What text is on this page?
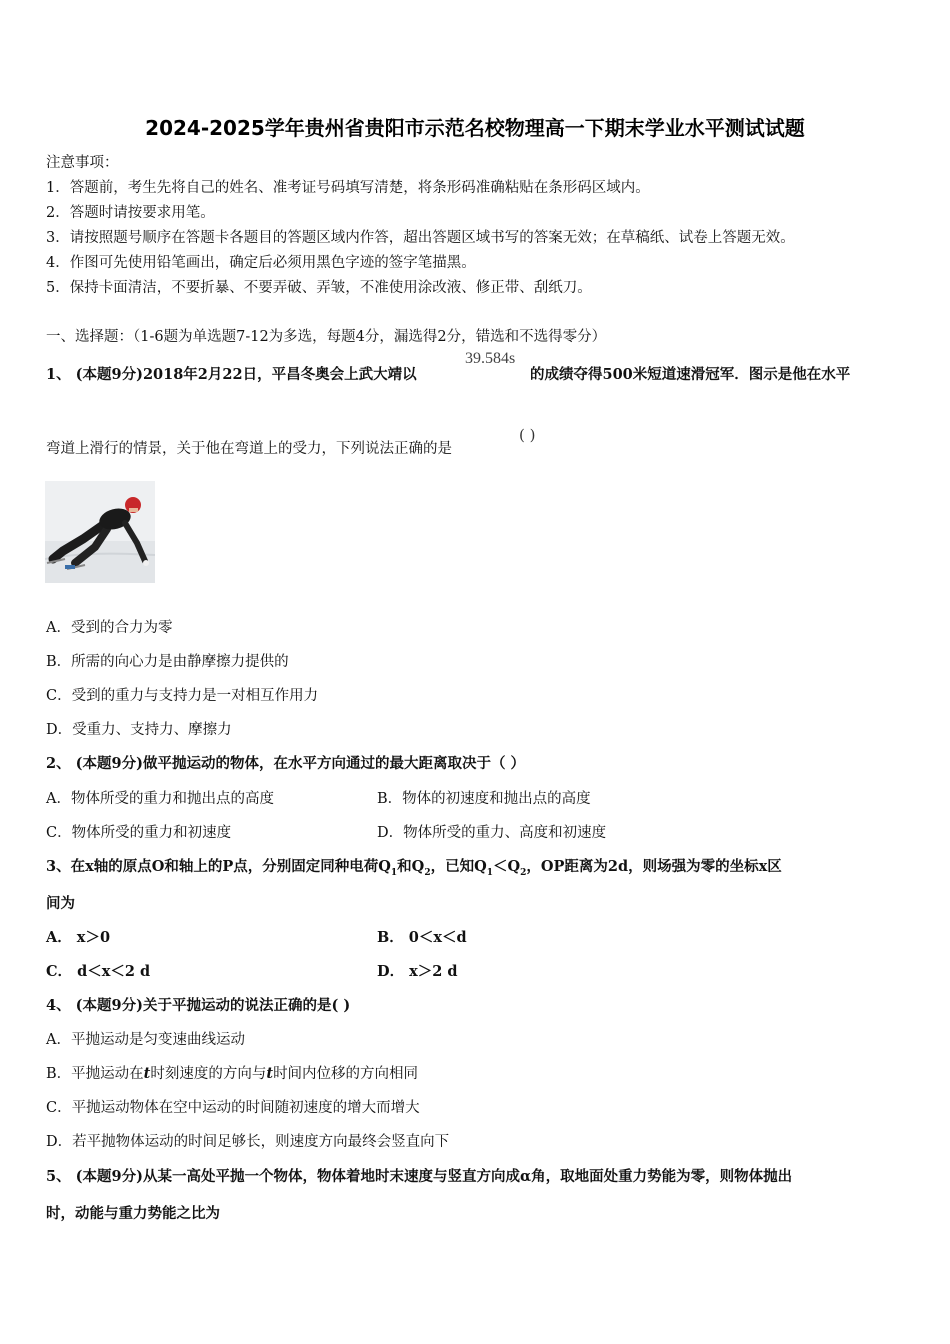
2024-2025学年贵州省贵阳市示范名校物理高一下期末学业水平测试试题
注意事项：
1．答题前，考生先将自己的姓名、准考证号码填写清楚，将条形码准确粘贴在条形码区域内。
2．答题时请按要求用笔。
3．请按照题号顺序在答题卡各题目的答题区域内作答，超出答题区域书写的答案无效；在草稿纸、试卷上答题无效。
4．作图可先使用铅笔画出，确定后必须用黑色字迹的签字笔描黑。
5．保持卡面清洁，不要折暴、不要弄破、弄皱，不准使用涂改液、修正带、刮纸刀。
一、选择题：（1-6题为单选题7-12为多选，每题4分，漏选得2分，错选和不选得零分）
1、 (本题9分)2018年2月22日，平昌冬奥会上武大靖以
39.584s
的成绩夺得500米短道速滑冠军．图示是他在水平
弯道上滑行的情景，关于他在弯道上的受力，下列说法正确的是
( )
A．受到的合力为零
B．所需的向心力是由静摩擦力提供的
C．受到的重力与支持力是一对相互作用力
D．受重力、支持力、摩擦力
2、 (本题9分)做平抛运动的物体，在水平方向通过的最大距离取决于（ ）
A．物体所受的重力和抛出点的高度	B．物体的初速度和抛出点的高度
C．物体所受的重力和初速度	D．物体所受的重力、高度和初速度
3、在x轴的原点O和轴上的P点，分别固定同种电荷$Q_1$和$Q_2$，已知$Q_1<Q_2$，OP距离为2d，则场强为零的坐标x区
间为
A． x＞0	B． 0＜x＜d
C． d＜x＜2 d	D． x＞2 d
4、 (本题9分)关于平抛运动的说法正确的是( )
A．平抛运动是匀变速曲线运动
B．平抛运动在t时刻速度的方向与t时间内位移的方向相同
C．平抛运动物体在空中运动的时间随初速度的增大而增大
D．若平抛物体运动的时间足够长，则速度方向最终会竖直向下
5、 (本题9分)从某一高处平抛一个物体，物体着地时末速度与竖直方向成α角，取地面处重力势能为零，则物体抛出
时，动能与重力势能之比为
